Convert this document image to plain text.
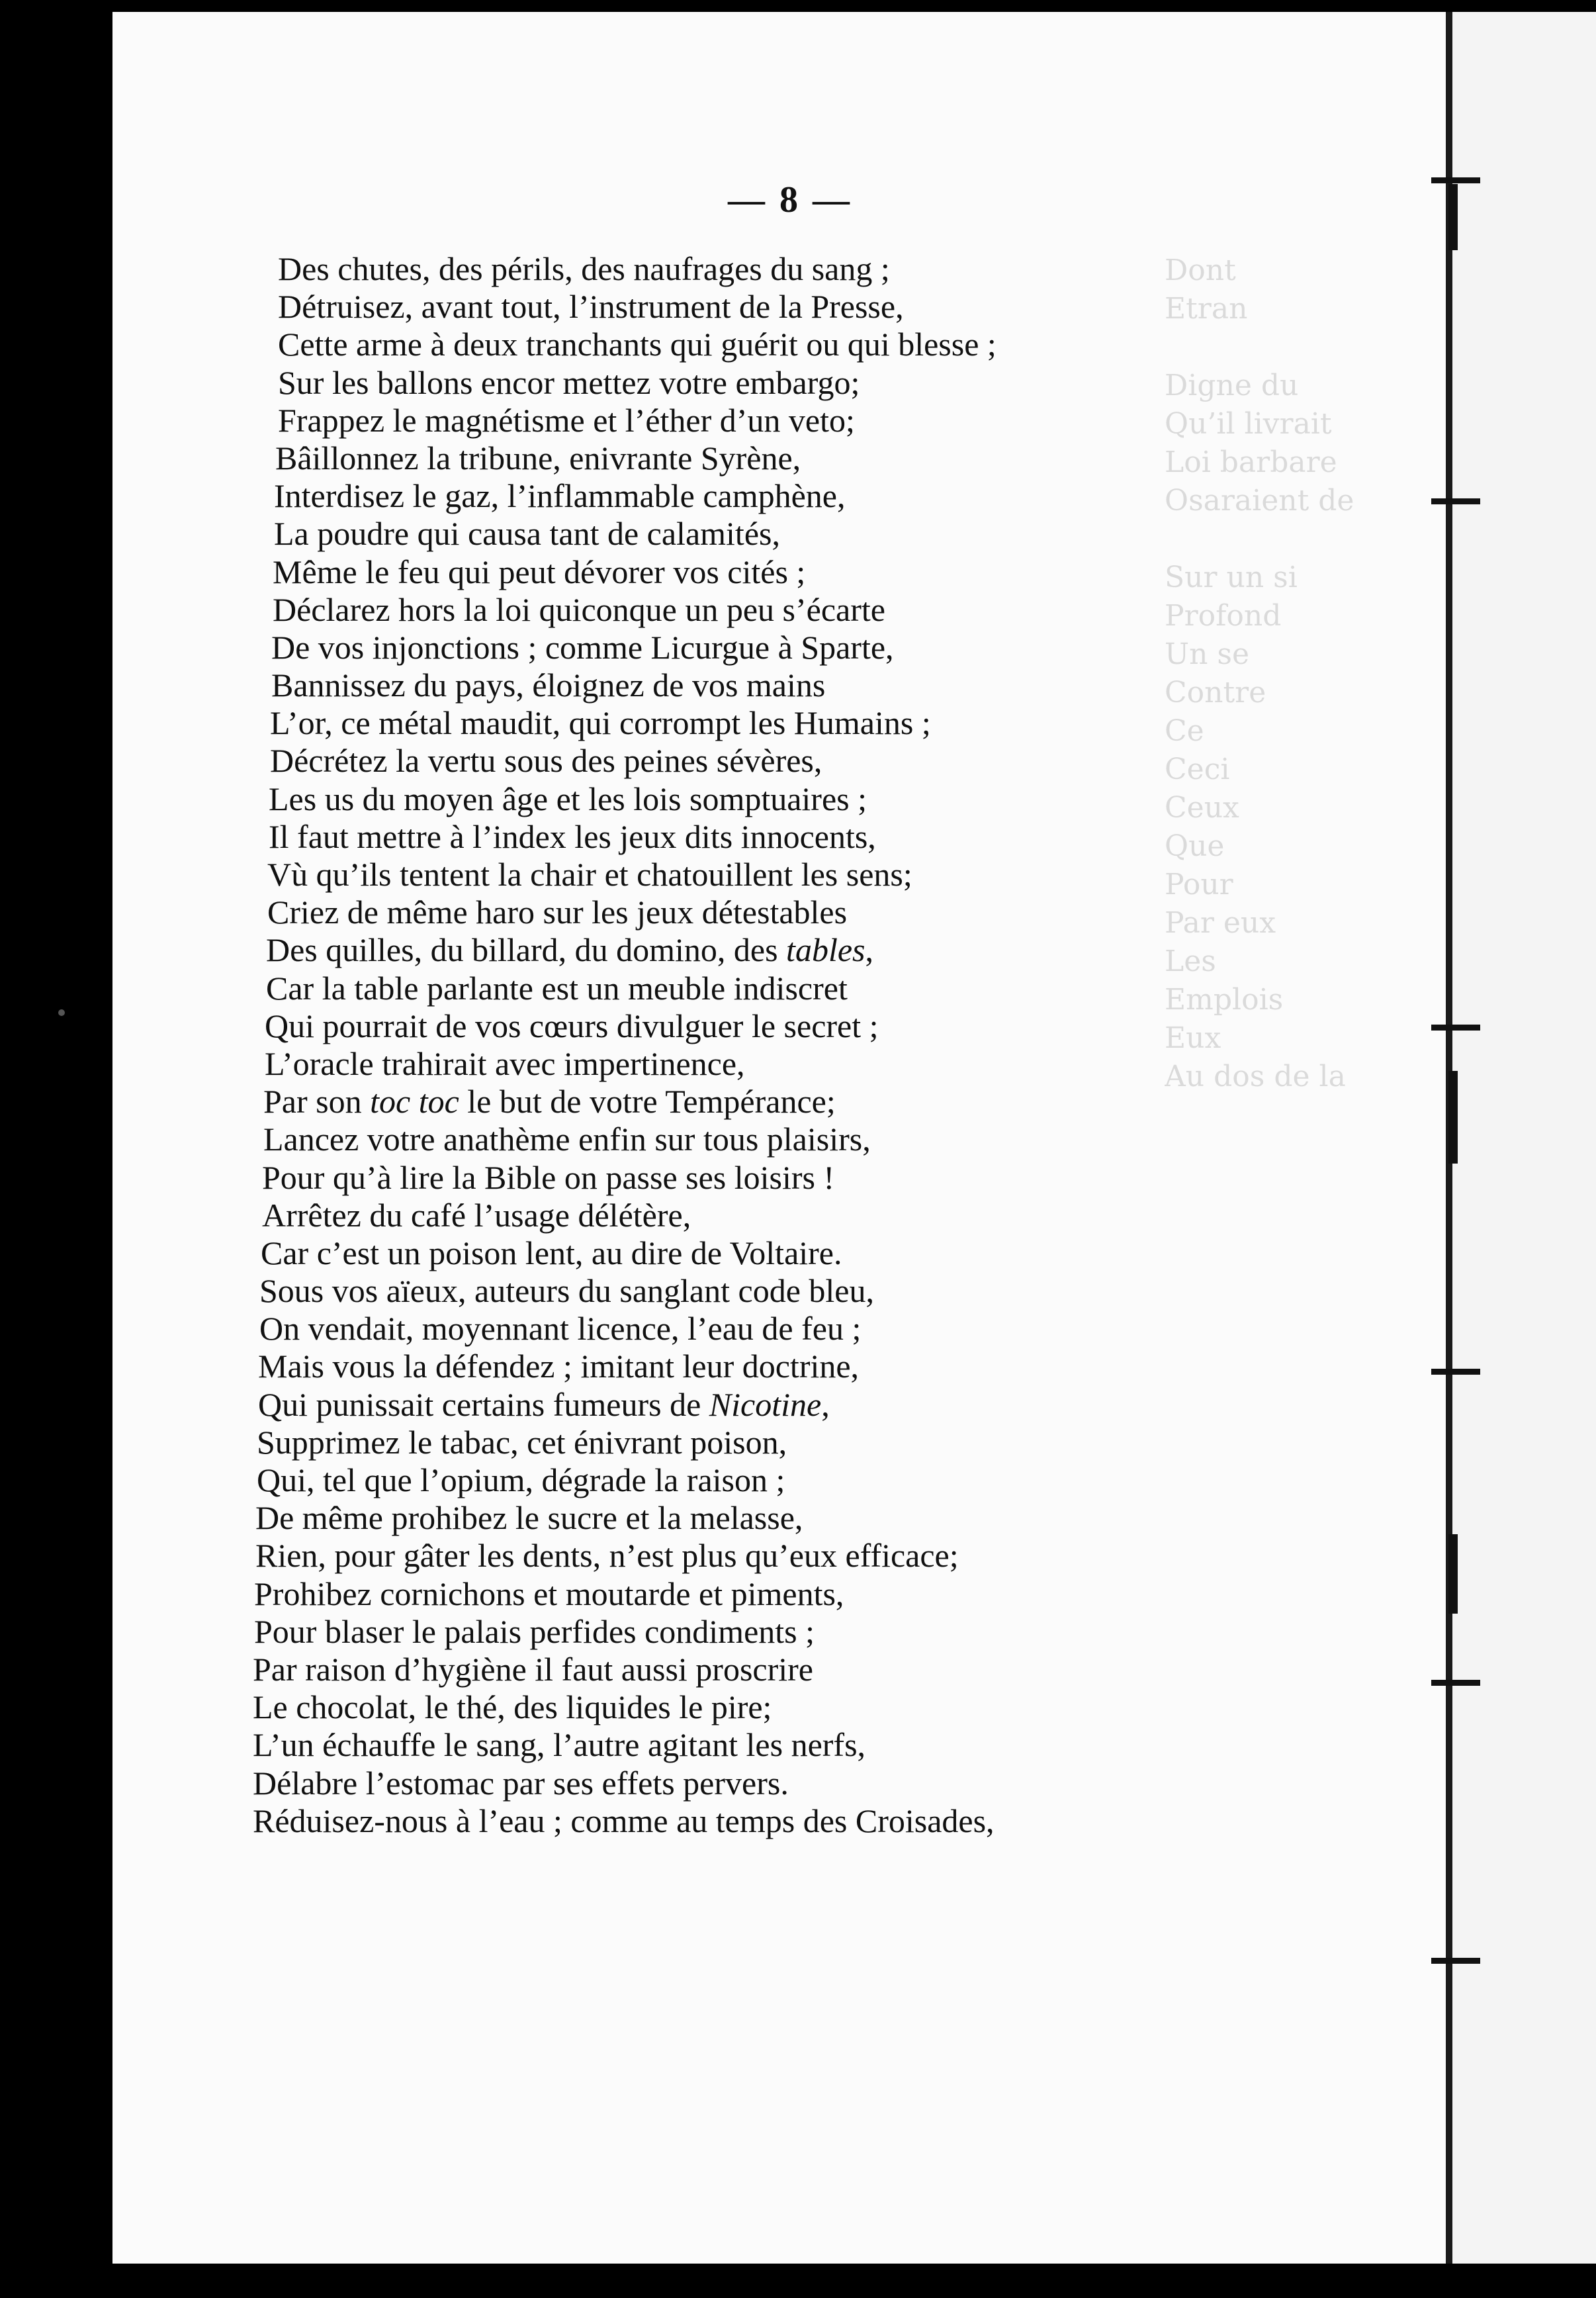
Dont
Etran

Digne du
Qu’il livrait
Loi barbare
Osaraient de

Sur un si
Profond
Un se
Contre
Ce
Ceci
Ceux
Que
Pour
Par eux
Les
Emplois
Eux
Au dos de la
— 8 —
Des chutes, des périls, des naufrages du sang ;
Détruisez, avant tout, l’instrument de la Presse,
Cette arme à deux tranchants qui guérit ou qui blesse ;
Sur les ballons encor mettez votre embargo;
Frappez le magnétisme et l’éther d’un veto;
Bâillonnez la tribune, enivrante Syrène,
Interdisez le gaz, l’inflammable camphène,
La poudre qui causa tant de calamités,
Même le feu qui peut dévorer vos cités ;
Déclarez hors la loi quiconque un peu s’écarte
De vos injonctions ; comme Licurgue à Sparte,
Bannissez du pays, éloignez de vos mains
L’or, ce métal maudit, qui corrompt les Humains ;
Décrétez la vertu sous des peines sévères,
Les us du moyen âge et les lois somptuaires ;
Il faut mettre à l’index les jeux dits innocents,
Vù qu’ils tentent la chair et chatouillent les sens;
Criez de même haro sur les jeux détestables
Des quilles, du billard, du domino, des tables,
Car la table parlante est un meuble indiscret
Qui pourrait de vos cœurs divulguer le secret ;
L’oracle trahirait avec impertinence,
Par son toc toc le but de votre Tempérance;
Lancez votre anathème enfin sur tous plaisirs,
Pour qu’à lire la Bible on passe ses loisirs !
Arrêtez du café l’usage délétère,
Car c’est un poison lent, au dire de Voltaire.
Sous vos aïeux, auteurs du sanglant code bleu,
On vendait, moyennant licence, l’eau de feu ;
Mais vous la défendez ; imitant leur doctrine,
Qui punissait certains fumeurs de Nicotine,
Supprimez le tabac, cet énivrant poison,
Qui, tel que l’opium, dégrade la raison ;
De même prohibez le sucre et la melasse,
Rien, pour gâter les dents, n’est plus qu’eux efficace;
Prohibez cornichons et moutarde et piments,
Pour blaser le palais perfides condiments ;
Par raison d’hygiène il faut aussi proscrire
Le chocolat, le thé, des liquides le pire;
L’un échauffe le sang, l’autre agitant les nerfs,
Délabre l’estomac par ses effets pervers.
Réduisez-nous à l’eau ; comme au temps des Croisades,
